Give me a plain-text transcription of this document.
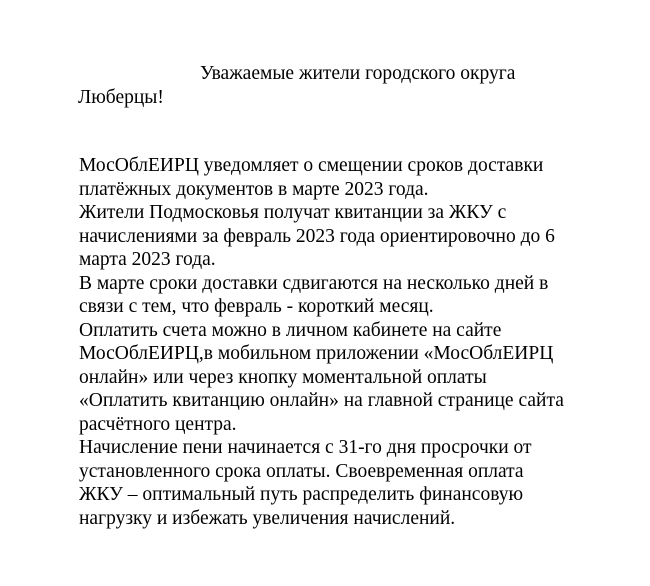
Уважаемые жители городского округа
Люберцы!
МосОблЕИРЦ уведомляет о смещении сроков доставки
платёжных документов в марте 2023 года.
Жители Подмосковья получат квитанции за ЖКУ с
начислениями за февраль 2023 года ориентировочно до 6
марта 2023 года.
В марте сроки доставки сдвигаются на несколько дней в
связи с тем, что февраль - короткий месяц.
Оплатить счета можно в личном кабинете на сайте
МосОблЕИРЦ,в мобильном приложении «МосОблЕИРЦ
онлайн» или через кнопку моментальной оплаты
«Оплатить квитанцию онлайн» на главной странице сайта
расчётного центра.
Начисление пени начинается с 31-го дня просрочки от
установленного срока оплаты. Своевременная оплата
ЖКУ – оптимальный путь распределить финансовую
нагрузку и избежать увеличения начислений.
